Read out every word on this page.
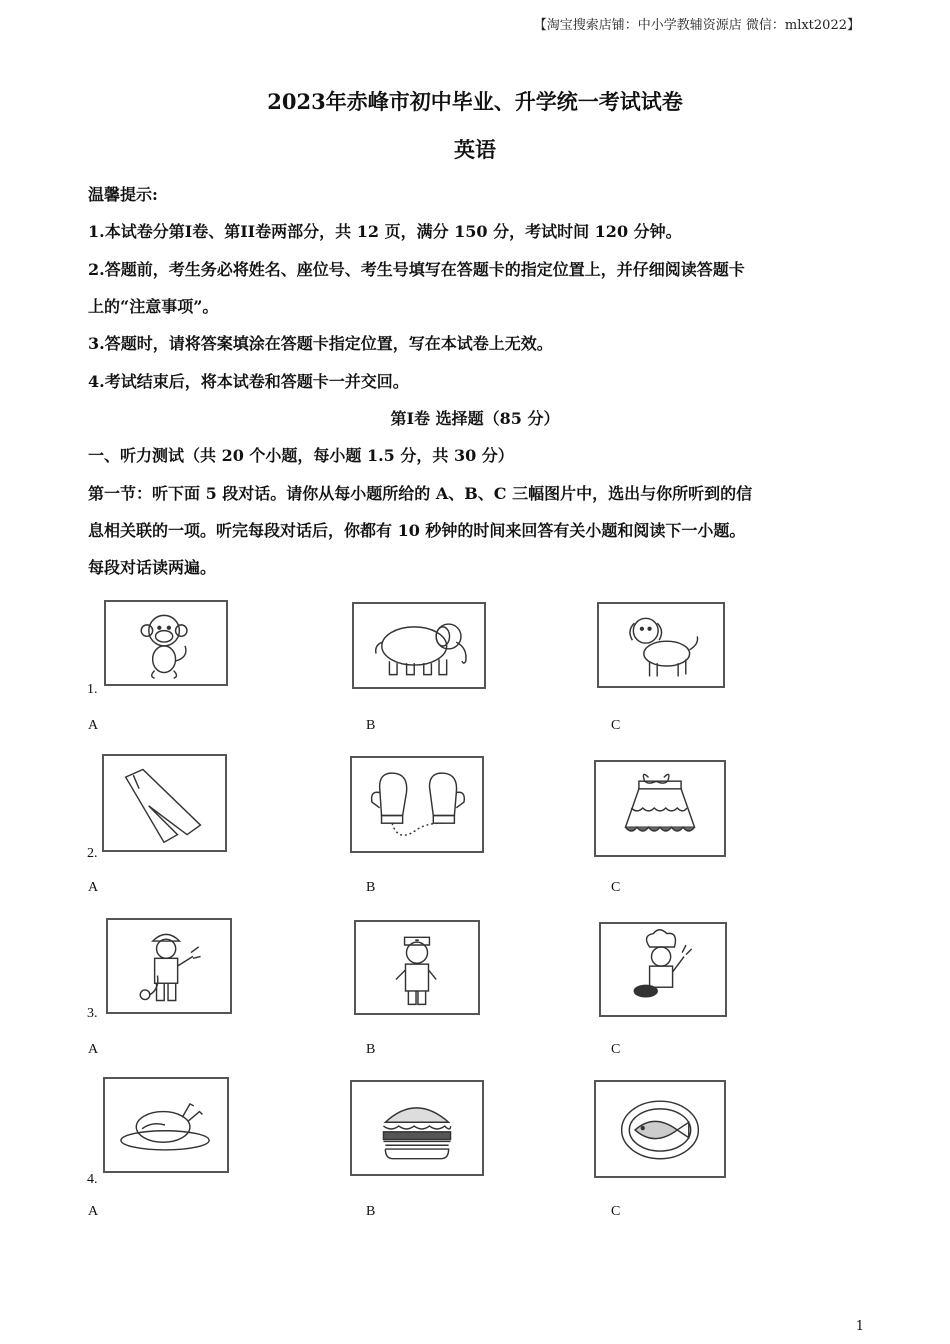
【淘宝搜索店铺：中小学教辅资源店 微信：mlxt2022】
2023年赤峰市初中毕业、升学统一考试试卷
英语
温馨提示:
1.本试卷分第I卷、第II卷两部分，共 12 页，满分 150 分，考试时间 120 分钟。
2.答题前，考生务必将姓名、座位号、考生号填写在答题卡的指定位置上，并仔细阅读答题卡
上的“注意事项”。
3.答题时，请将答案填涂在答题卡指定位置，写在本试卷上无效。
4.考试结束后，将本试卷和答题卡一并交回。
第I卷 选择题（85 分）
一、听力测试（共 20 个小题，每小题 1.5 分，共 30 分）
第一节：听下面 5 段对话。请你从每小题所给的 A、B、C 三幅图片中，选出与你所听到的信
息相关联的一项。听完每段对话后，你都有 10 秒钟的时间来回答有关小题和阅读下一小题。
每段对话读两遍。
1.
A	B	C
2.
A	B	C
3.
A	B	C
4.
A	B	C
1
